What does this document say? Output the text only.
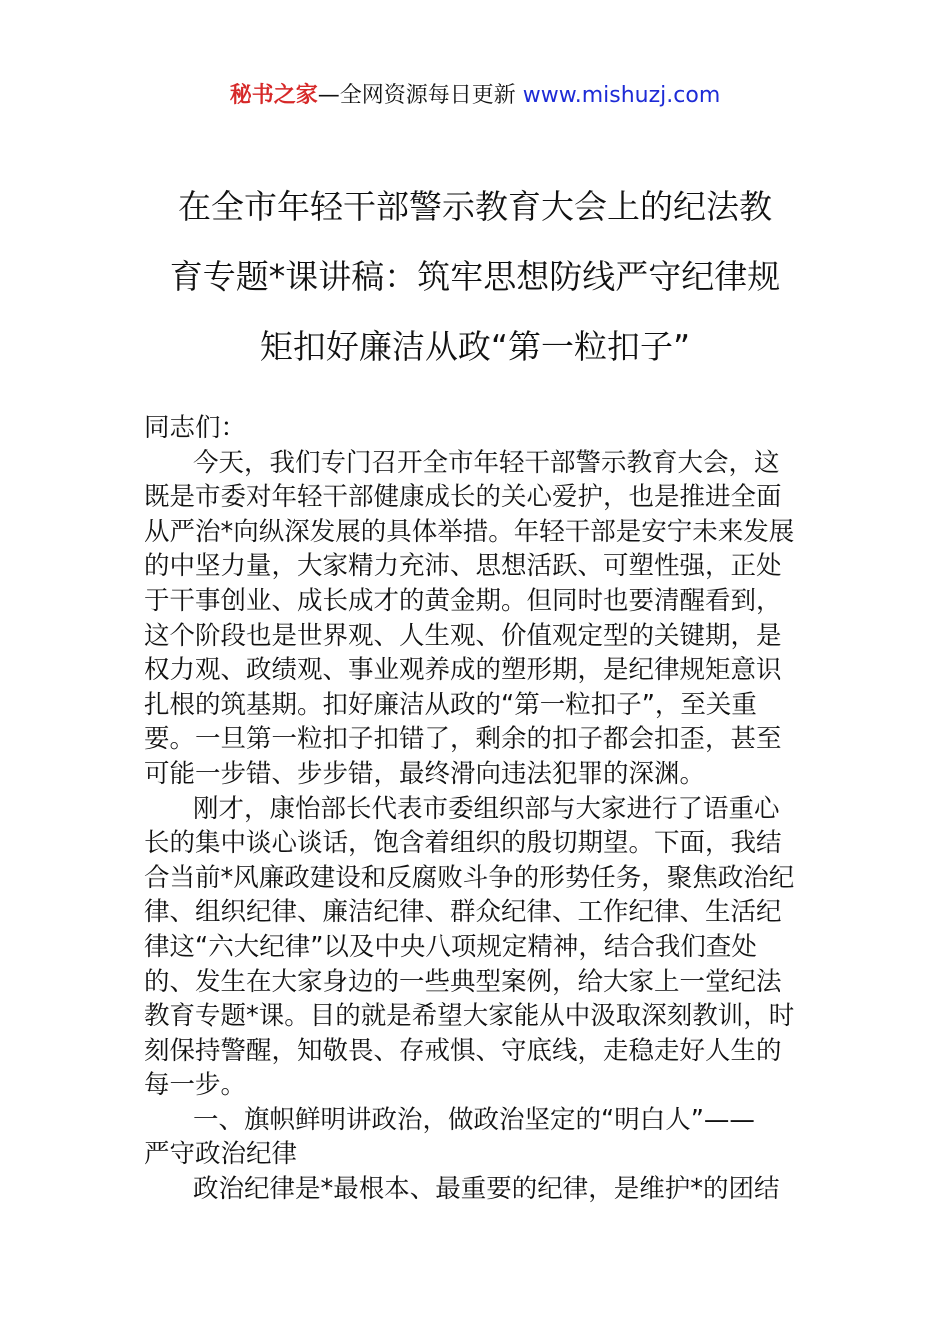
秘书之家—全网资源每日更新 www.mishuzj.com
在全市年轻干部警示教育大会上的纪法教
育专题*课讲稿：筑牢思想防线严守纪律规
矩扣好廉洁从政“第一粒扣子”

同志们：

今天，我们专门召开全市年轻干部警示教育大会，这
既是市委对年轻干部健康成长的关心爱护，也是推进全面
从严治*向纵深发展的具体举措。年轻干部是安宁未来发展
的中坚力量，大家精力充沛、思想活跃、可塑性强，正处
于干事创业、成长成才的黄金期。但同时也要清醒看到，
这个阶段也是世界观、人生观、价值观定型的关键期，是
权力观、政绩观、事业观养成的塑形期，是纪律规矩意识
扎根的筑基期。扣好廉洁从政的“第一粒扣子”，至关重
要。一旦第一粒扣子扣错了，剩余的扣子都会扣歪，甚至
可能一步错、步步错，最终滑向违法犯罪的深渊。

刚才，康怡部长代表市委组织部与大家进行了语重心
长的集中谈心谈话，饱含着组织的殷切期望。下面，我结
合当前*风廉政建设和反腐败斗争的形势任务，聚焦政治纪
律、组织纪律、廉洁纪律、群众纪律、工作纪律、生活纪
律这“六大纪律”以及中央八项规定精神，结合我们查处
的、发生在大家身边的一些典型案例，给大家上一堂纪法
教育专题*课。目的就是希望大家能从中汲取深刻教训，时
刻保持警醒，知敬畏、存戒惧、守底线，走稳走好人生的
每一步。

一、旗帜鲜明讲政治，做政治坚定的“明白人”——
严守政治纪律

政治纪律是*最根本、最重要的纪律，是维护*的团结
